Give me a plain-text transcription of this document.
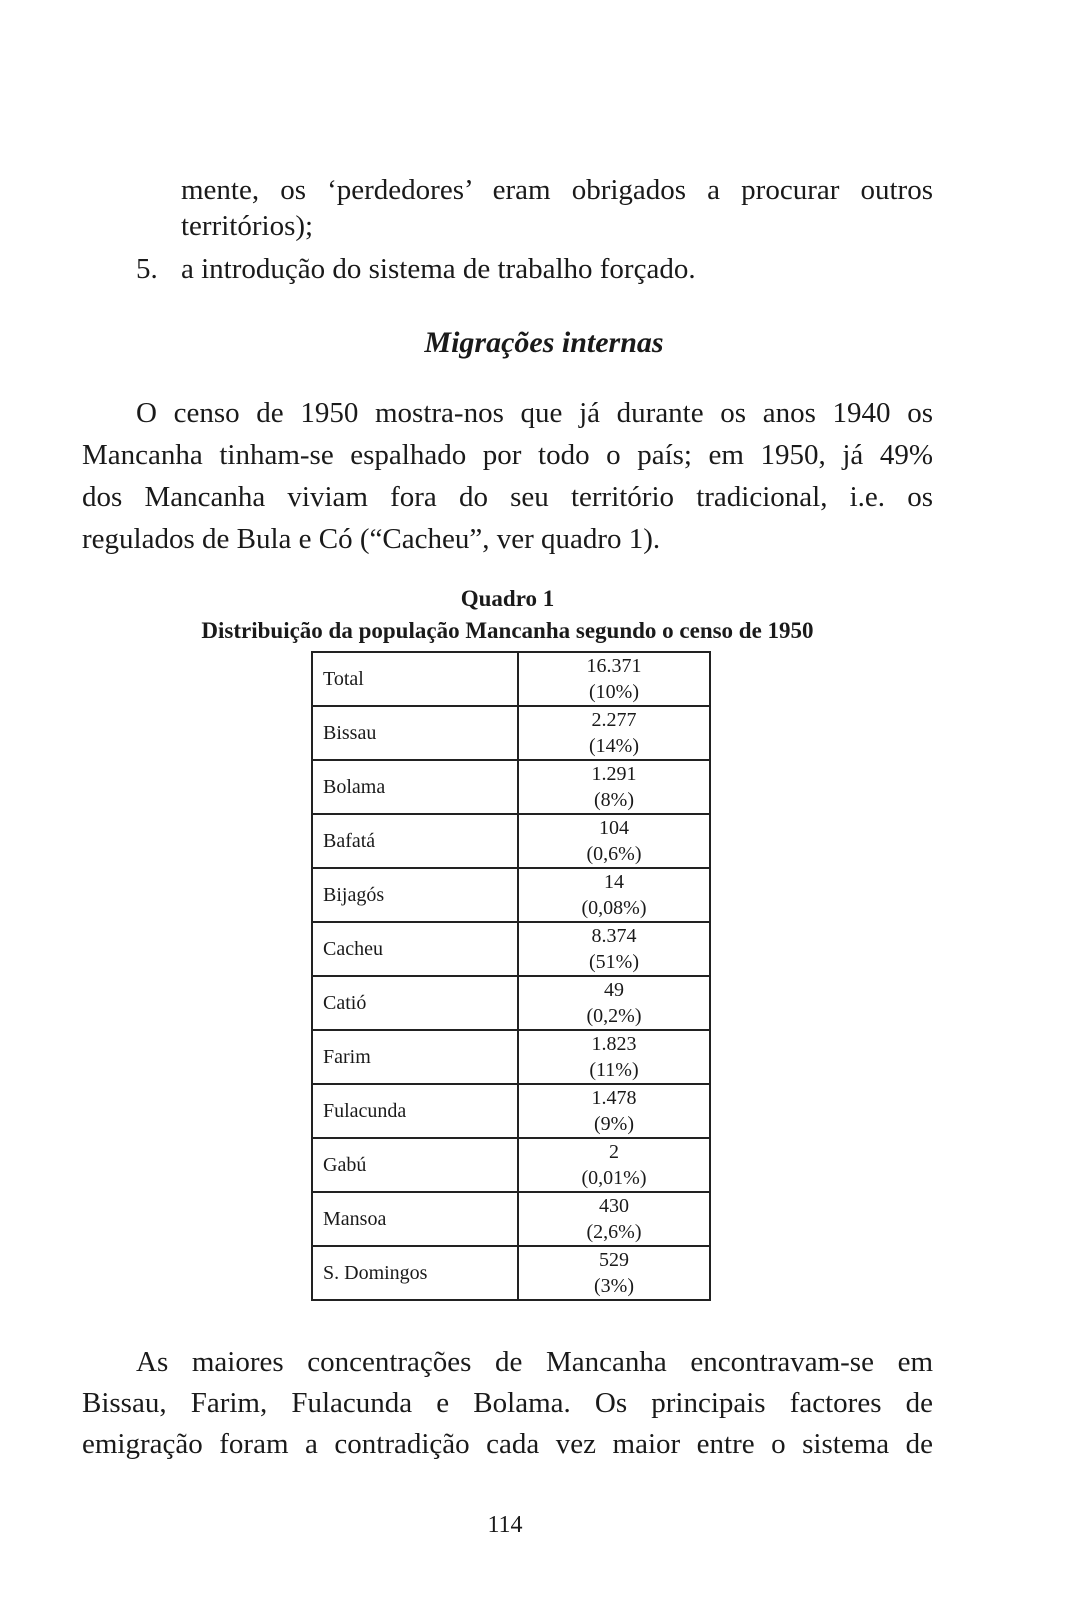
mente, os ‘perdedores’ eram obrigados a procurar outros

territórios);

5. a introdução do sistema de trabalho forçado.

Migrações internas

O censo de 1950 mostra-nos que já durante os anos 1940 os

Mancanha tinham-se espalhado por todo o país; em 1950, já 49%

dos Mancanha viviam fora do seu território tradicional, i.e. os

regulados de Bula e Có (“Cacheu”, ver quadro 1).

Quadro 1

Distribuição da população Mancanha segundo o censo de 1950

Total	16.371
(10%)

Bissau	2.277
(14%)

Bolama	1.291
(8%)

Bafatá	104
(0,6%)

Bijagós	14
(0,08%)

Cacheu	8.374
(51%)

Catió	49
(0,2%)

Farim	1.823
(11%)

Fulacunda	1.478
(9%)

Gabú	2
(0,01%)

Mansoa	430
(2,6%)

S. Domingos	529
(3%)

As maiores concentrações de Mancanha encontravam-se em

Bissau, Farim, Fulacunda e Bolama. Os principais factores de

emigração foram a contradição cada vez maior entre o sistema de

114
